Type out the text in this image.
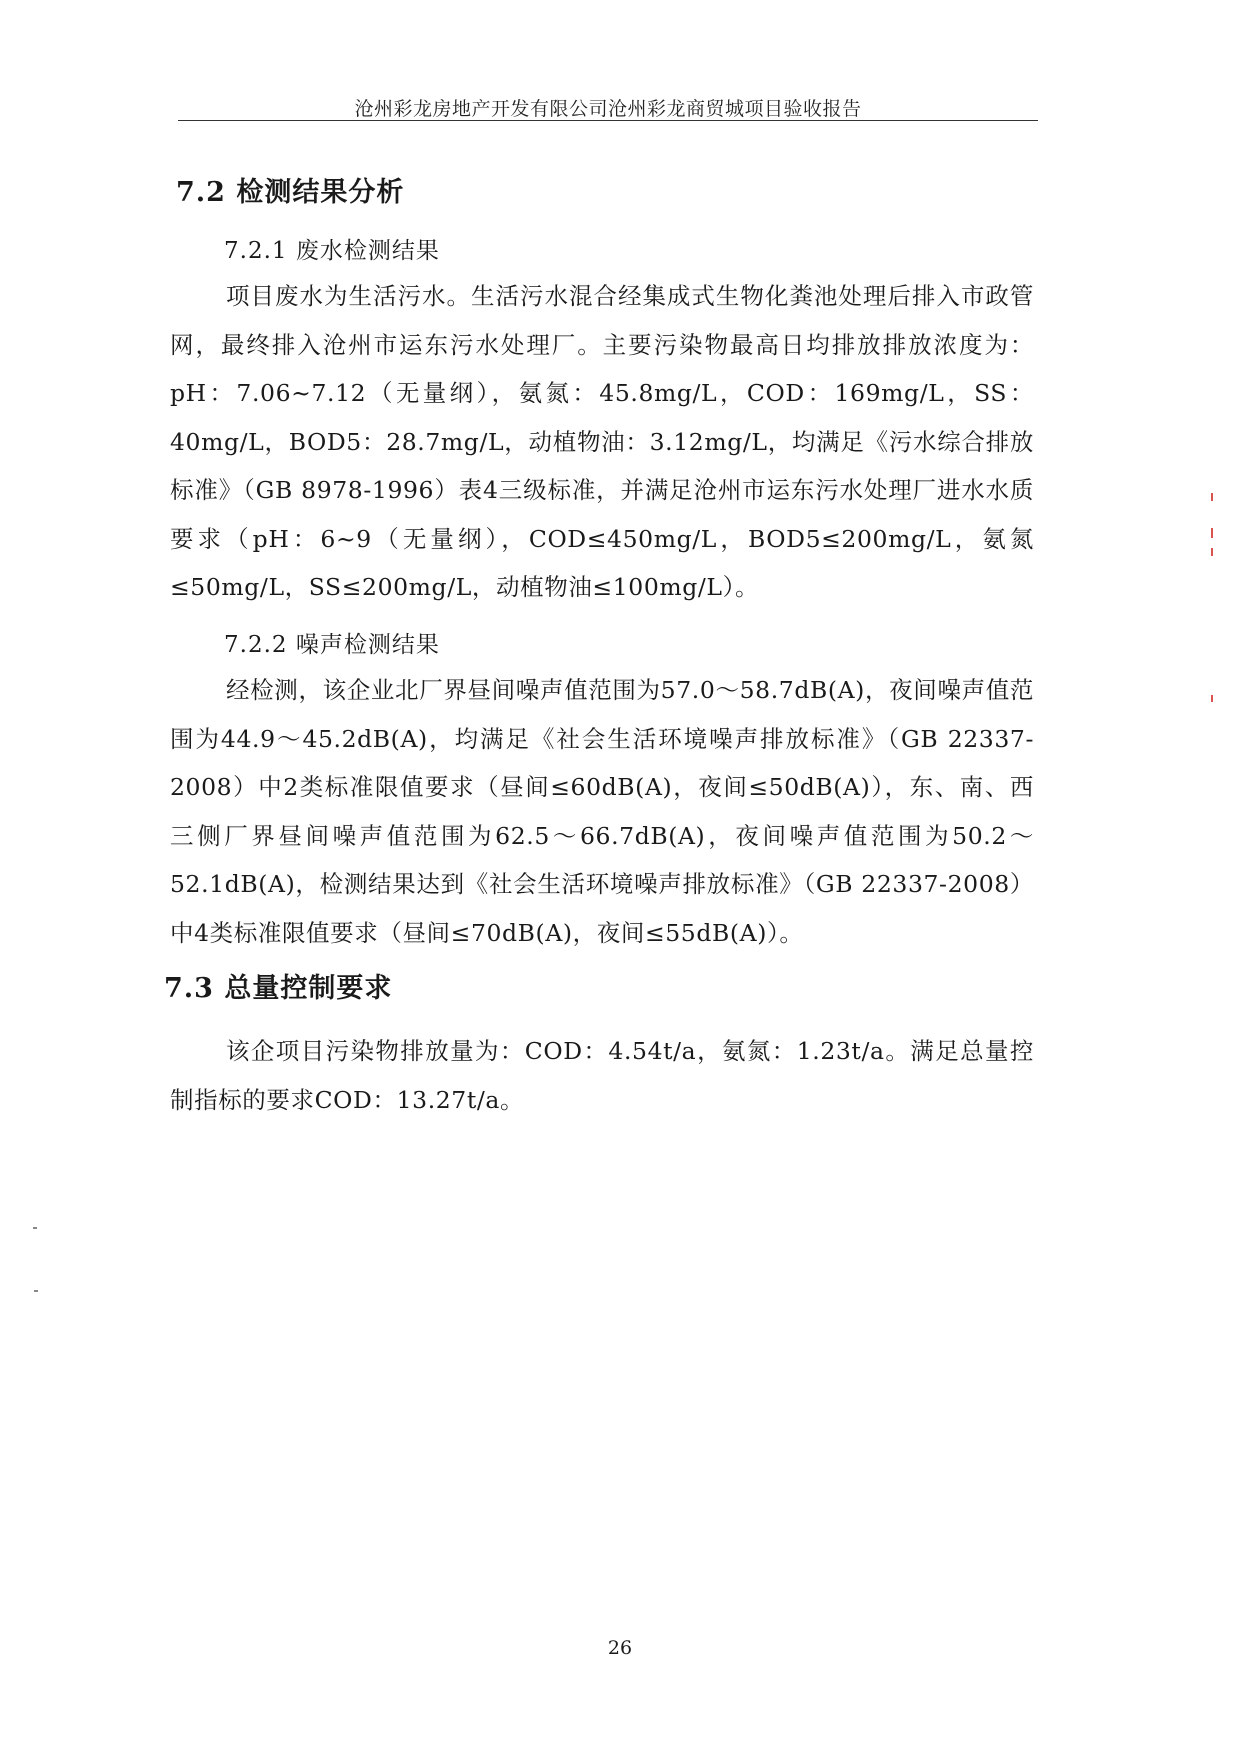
沧州彩龙房地产开发有限公司沧州彩龙商贸城项目验收报告
7.2 检测结果分析
7.2.1 废水检测结果
项目废水为生活污水。生活污水混合经集成式生物化粪池处理后排入市政管网，最终排入沧州市运东污水处理厂。主要污染物最高日均排放排放浓度为：pH：7.06~7.12（无量纲），氨氮：45.8mg/L，COD：169mg/L，SS：40mg/L，BOD5：28.7mg/L，动植物油：3.12mg/L，均满足《污水综合排放标准》（GB 8978-1996）表4三级标准，并满足沧州市运东污水处理厂进水水质要求（pH：6~9（无量纲），COD≤450mg/L，BOD5≤200mg/L，氨氮≤50mg/L，SS≤200mg/L，动植物油≤100mg/L）。
7.2.2 噪声检测结果
经检测，该企业北厂界昼间噪声值范围为57.0～58.7dB(A)，夜间噪声值范围为44.9～45.2dB(A)，均满足《社会生活环境噪声排放标准》（GB 22337-2008）中2类标准限值要求（昼间≤60dB(A)，夜间≤50dB(A)），东、南、西三侧厂界昼间噪声值范围为62.5～66.7dB(A)，夜间噪声值范围为50.2～52.1dB(A)，检测结果达到《社会生活环境噪声排放标准》（GB 22337-2008）中4类标准限值要求（昼间≤70dB(A)，夜间≤55dB(A)）。
7.3 总量控制要求
该企项目污染物排放量为：COD：4.54t/a，氨氮：1.23t/a。满足总量控制指标的要求COD：13.27t/a。
26
